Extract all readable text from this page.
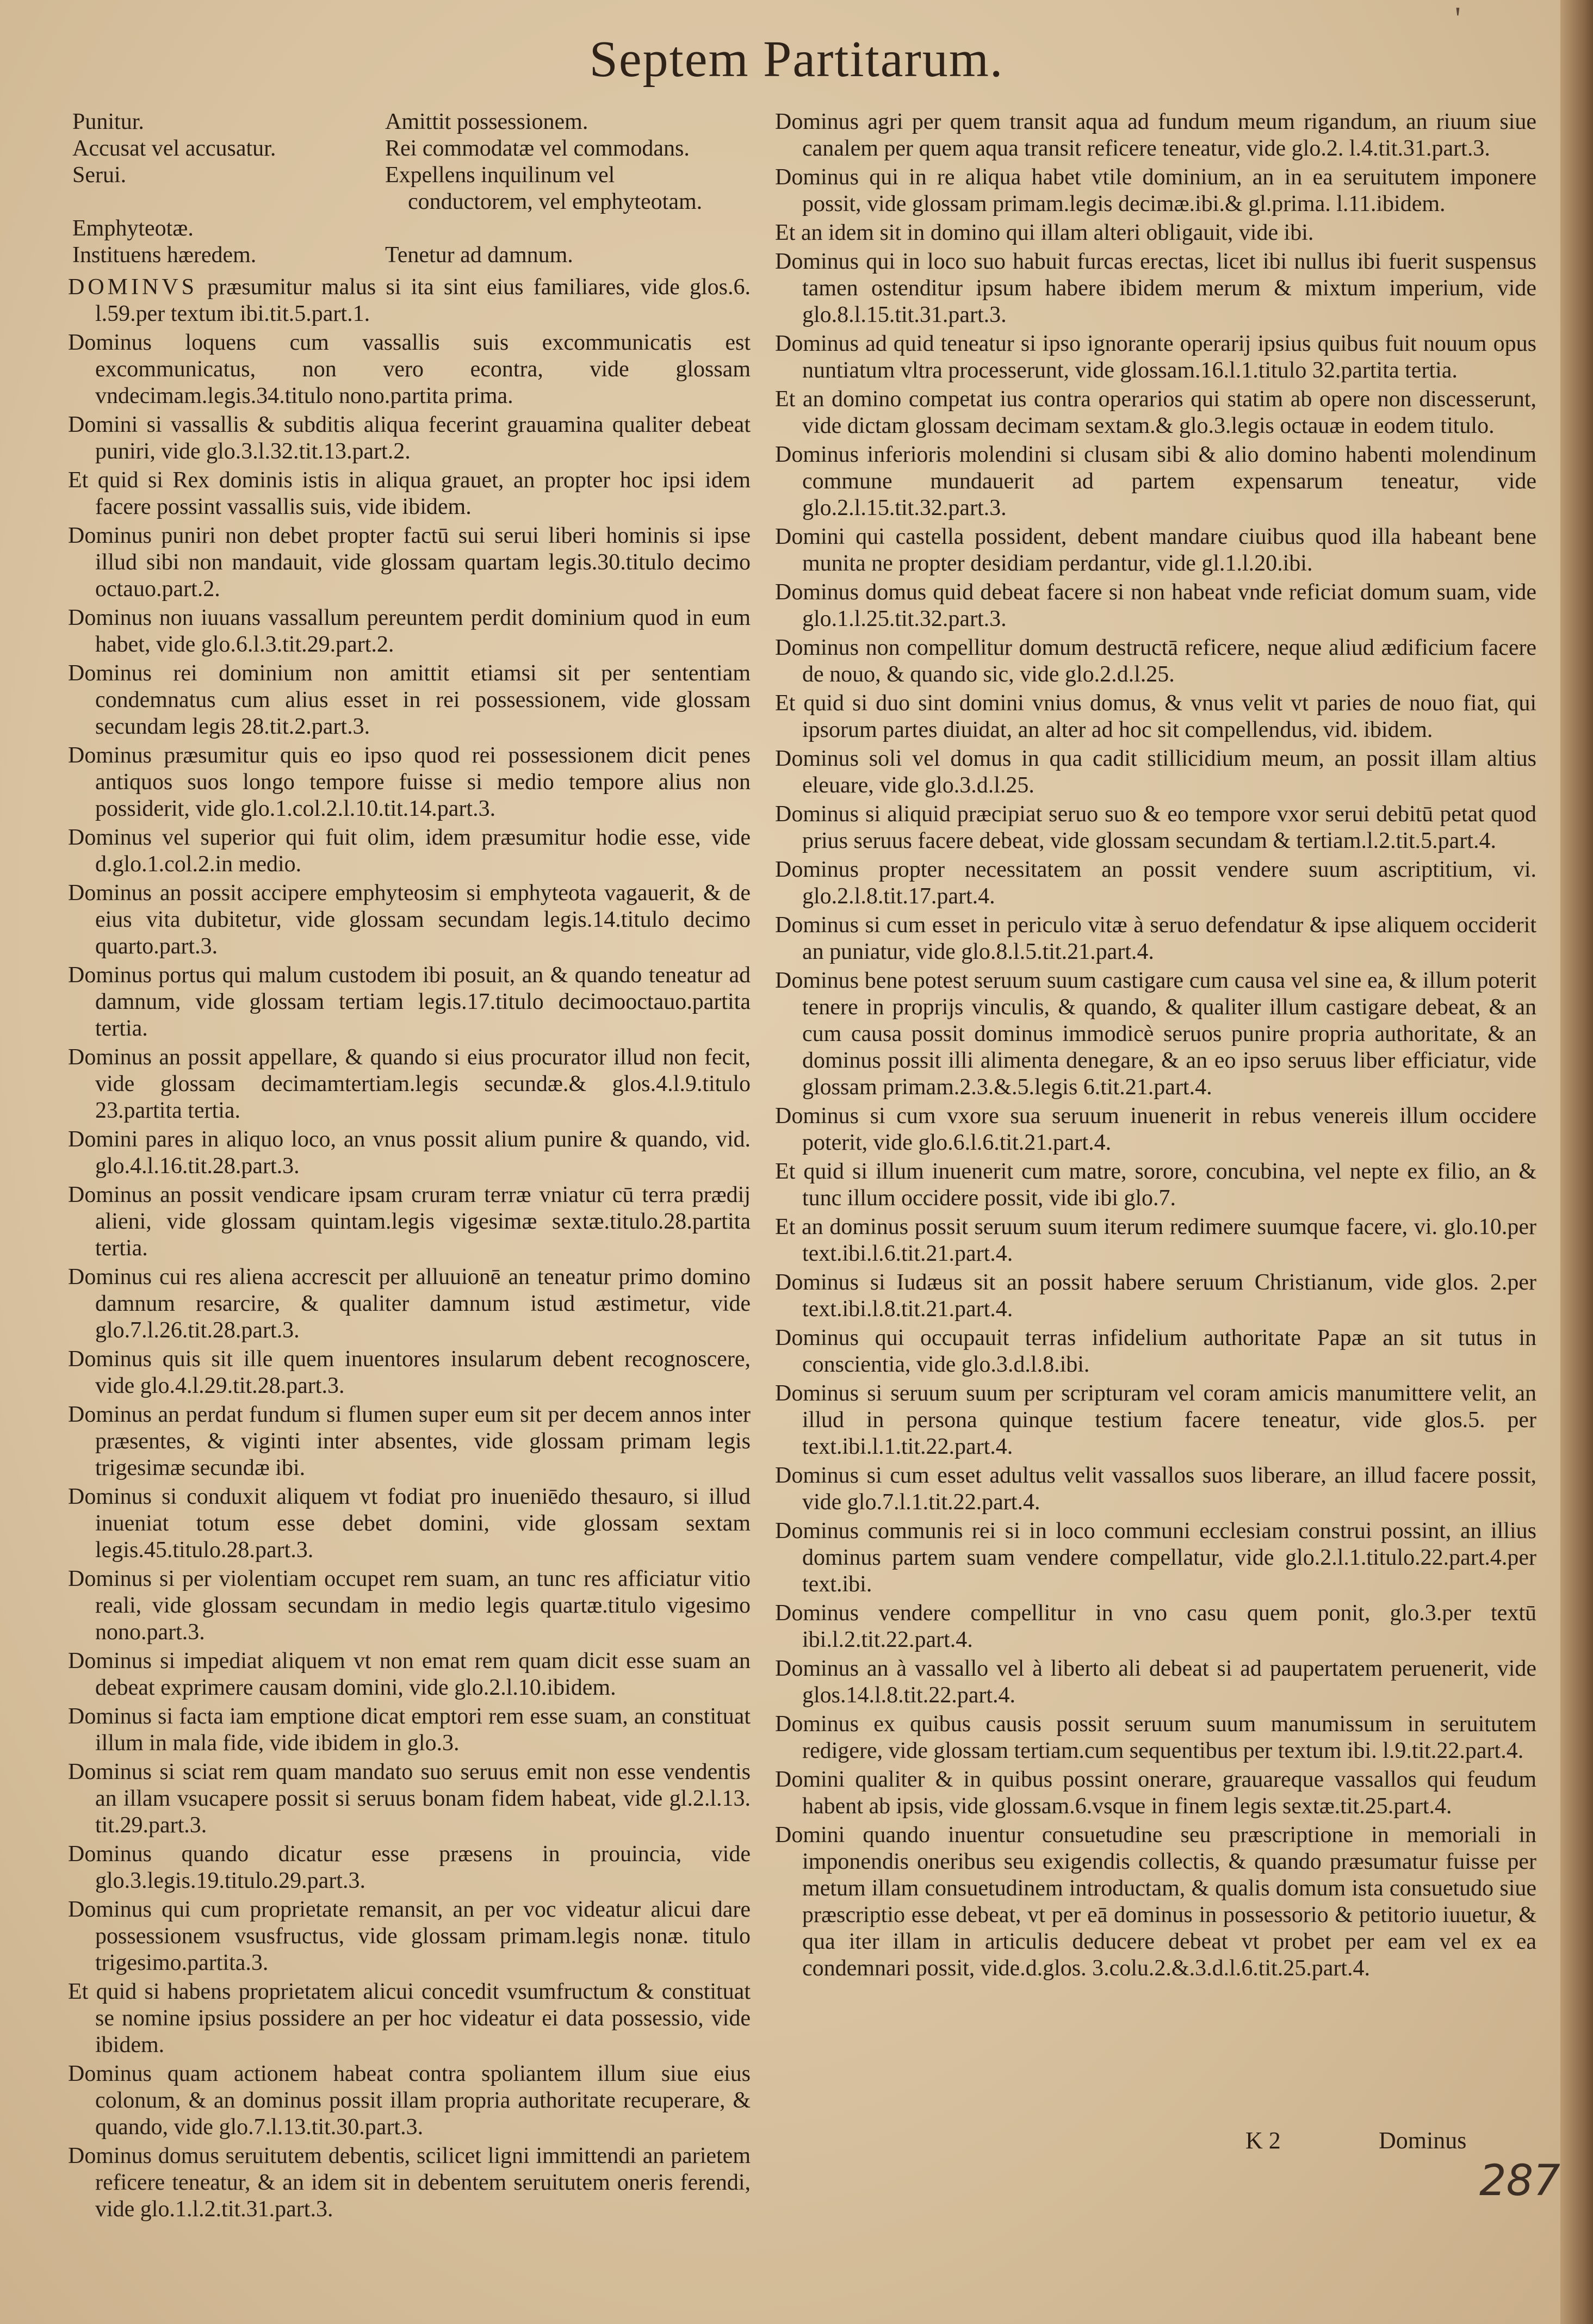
Septem Partitarum.
'
Punitur.	Amittit possessionem.
Accusat vel accusatur.	Rei commodatæ vel commodans.
Serui.	Expellens inquilinum vel conductorem, vel emphyteotam.
Emphyteotæ.
Instituens hæredem.	Tenetur ad damnum.
DOMINVS præsumitur malus si ita sint eius familiares, vide glos.6. l.59.per textum ibi.tit.5.part.1.
Dominus loquens cum vassallis suis excommunicatis est excommunicatus, non vero econtra, vide glossam vndecimam.legis.34.titulo nono.partita prima.
Domini si vassallis & subditis aliqua fecerint grauamina qualiter debeat puniri, vide glo.3.l.32.tit.13.part.2.
Et quid si Rex dominis istis in aliqua grauet, an propter hoc ipsi idem facere possint vassallis suis, vide ibidem.
Dominus puniri non debet propter factū sui serui liberi hominis si ipse illud sibi non mandauit, vide glossam quartam legis.30.titulo decimo octauo.part.2.
Dominus non iuuans vassallum pereuntem perdit dominium quod in eum habet, vide glo.6.l.3.tit.29.part.2.
Dominus rei dominium non amittit etiamsi sit per sententiam condemnatus cum alius esset in rei possessionem, vide glossam secundam legis 28.tit.2.part.3.
Dominus præsumitur quis eo ipso quod rei possessionem dicit penes antiquos suos longo tempore fuisse si medio tempore alius non possiderit, vide glo.1.col.2.l.10.tit.14.part.3.
Dominus vel superior qui fuit olim, idem præsumitur hodie esse, vide d.glo.1.col.2.in medio.
Dominus an possit accipere emphyteosim si emphyteota vagauerit, & de eius vita dubitetur, vide glossam secundam legis.14.titulo decimo quarto.part.3.
Dominus portus qui malum custodem ibi posuit, an & quando teneatur ad damnum, vide glossam tertiam legis.17.titulo decimooctauo.partita tertia.
Dominus an possit appellare, & quando si eius procurator illud non fecit, vide glossam decimamtertiam.legis secundæ.& glos.4.l.9.titulo 23.partita tertia.
Domini pares in aliquo loco, an vnus possit alium punire & quando, vid. glo.4.l.16.tit.28.part.3.
Dominus an possit vendicare ipsam cruram terræ vniatur cū terra prædij alieni, vide glossam quintam.legis vigesimæ sextæ.titulo.28.partita tertia.
Dominus cui res aliena accrescit per alluuionē an teneatur primo domino damnum resarcire, & qualiter damnum istud æstimetur, vide glo.7.l.26.tit.28.part.3.
Dominus quis sit ille quem inuentores insularum debent recognoscere, vide glo.4.l.29.tit.28.part.3.
Dominus an perdat fundum si flumen super eum sit per decem annos inter præsentes, & viginti inter absentes, vide glossam primam legis trigesimæ secundæ ibi.
Dominus si conduxit aliquem vt fodiat pro inueniēdo thesauro, si illud inueniat totum esse debet domini, vide glossam sextam legis.45.titulo.28.part.3.
Dominus si per violentiam occupet rem suam, an tunc res afficiatur vitio reali, vide glossam secundam in medio legis quartæ.titulo vigesimo nono.part.3.
Dominus si impediat aliquem vt non emat rem quam dicit esse suam an debeat exprimere causam domini, vide glo.2.l.10.ibidem.
Dominus si facta iam emptione dicat emptori rem esse suam, an constituat illum in mala fide, vide ibidem in glo.3.
Dominus si sciat rem quam mandato suo seruus emit non esse vendentis an illam vsucapere possit si seruus bonam fidem habeat, vide gl.2.l.13. tit.29.part.3.
Dominus quando dicatur esse præsens in prouincia, vide glo.3.legis.19.titulo.29.part.3.
Dominus qui cum proprietate remansit, an per voc videatur alicui dare possessionem vsusfructus, vide glossam primam.legis nonæ. titulo trigesimo.partita.3.
Et quid si habens proprietatem alicui concedit vsumfructum & constituat se nomine ipsius possidere an per hoc videatur ei data possessio, vide ibidem.
Dominus quam actionem habeat contra spoliantem illum siue eius colonum, & an dominus possit illam propria authoritate recuperare, & quando, vide glo.7.l.13.tit.30.part.3.
Dominus domus seruitutem debentis, scilicet ligni immittendi an parietem reficere teneatur, & an idem sit in debentem seruitutem oneris ferendi, vide glo.1.l.2.tit.31.part.3.
Dominus agri per quem transit aqua ad fundum meum rigandum, an riuum siue canalem per quem aqua transit reficere teneatur, vide glo.2. l.4.tit.31.part.3.
Dominus qui in re aliqua habet vtile dominium, an in ea seruitutem imponere possit, vide glossam primam.legis decimæ.ibi.& gl.prima. l.11.ibidem.
Et an idem sit in domino qui illam alteri obligauit, vide ibi.
Dominus qui in loco suo habuit furcas erectas, licet ibi nullus ibi fuerit suspensus tamen ostenditur ipsum habere ibidem merum & mixtum imperium, vide glo.8.l.15.tit.31.part.3.
Dominus ad quid teneatur si ipso ignorante operarij ipsius quibus fuit nouum opus nuntiatum vltra processerunt, vide glossam.16.l.1.titulo 32.partita tertia.
Et an domino competat ius contra operarios qui statim ab opere non discesserunt, vide dictam glossam decimam sextam.& glo.3.legis octauæ in eodem titulo.
Dominus inferioris molendini si clusam sibi & alio domino habenti molendinum commune mundauerit ad partem expensarum teneatur, vide glo.2.l.15.tit.32.part.3.
Domini qui castella possident, debent mandare ciuibus quod illa habeant bene munita ne propter desidiam perdantur, vide gl.1.l.20.ibi.
Dominus domus quid debeat facere si non habeat vnde reficiat domum suam, vide glo.1.l.25.tit.32.part.3.
Dominus non compellitur domum destructā reficere, neque aliud ædificium facere de nouo, & quando sic, vide glo.2.d.l.25.
Et quid si duo sint domini vnius domus, & vnus velit vt paries de nouo fiat, qui ipsorum partes diuidat, an alter ad hoc sit compellendus, vid. ibidem.
Dominus soli vel domus in qua cadit stillicidium meum, an possit illam altius eleuare, vide glo.3.d.l.25.
Dominus si aliquid præcipiat seruo suo & eo tempore vxor serui debitū petat quod prius seruus facere debeat, vide glossam secundam & tertiam.l.2.tit.5.part.4.
Dominus propter necessitatem an possit vendere suum ascriptitium, vi. glo.2.l.8.tit.17.part.4.
Dominus si cum esset in periculo vitæ à seruo defendatur & ipse aliquem occiderit an puniatur, vide glo.8.l.5.tit.21.part.4.
Dominus bene potest seruum suum castigare cum causa vel sine ea, & illum poterit tenere in proprijs vinculis, & quando, & qualiter illum castigare debeat, & an cum causa possit dominus immodicè seruos punire propria authoritate, & an dominus possit illi alimenta denegare, & an eo ipso seruus liber efficiatur, vide glossam primam.2.3.&.5.legis 6.tit.21.part.4.
Dominus si cum vxore sua seruum inuenerit in rebus venereis illum occidere poterit, vide glo.6.l.6.tit.21.part.4.
Et quid si illum inuenerit cum matre, sorore, concubina, vel nepte ex filio, an & tunc illum occidere possit, vide ibi glo.7.
Et an dominus possit seruum suum iterum redimere suumque facere, vi. glo.10.per text.ibi.l.6.tit.21.part.4.
Dominus si Iudæus sit an possit habere seruum Christianum, vide glos. 2.per text.ibi.l.8.tit.21.part.4.
Dominus qui occupauit terras infidelium authoritate Papæ an sit tutus in conscientia, vide glo.3.d.l.8.ibi.
Dominus si seruum suum per scripturam vel coram amicis manumittere velit, an illud in persona quinque testium facere teneatur, vide glos.5. per text.ibi.l.1.tit.22.part.4.
Dominus si cum esset adultus velit vassallos suos liberare, an illud facere possit, vide glo.7.l.1.tit.22.part.4.
Dominus communis rei si in loco communi ecclesiam construi possint, an illius dominus partem suam vendere compellatur, vide glo.2.l.1.titulo.22.part.4.per text.ibi.
Dominus vendere compellitur in vno casu quem ponit, glo.3.per textū ibi.l.2.tit.22.part.4.
Dominus an à vassallo vel à liberto ali debeat si ad paupertatem peruenerit, vide glos.14.l.8.tit.22.part.4.
Dominus ex quibus causis possit seruum suum manumissum in seruitutem redigere, vide glossam tertiam.cum sequentibus per textum ibi. l.9.tit.22.part.4.
Domini qualiter & in quibus possint onerare, grauareque vassallos qui feudum habent ab ipsis, vide glossam.6.vsque in finem legis sextæ.tit.25.part.4.
Domini quando inuentur consuetudine seu præscriptione in memoriali in imponendis oneribus seu exigendis collectis, & quando præsumatur fuisse per metum illam consuetudinem introductam, & qualis domum ista consuetudo siue præscriptio esse debeat, vt per eā dominus in possessorio & petitorio iuuetur, & qua iter illam in articulis deducere debeat vt probet per eam vel ex ea condemnari possit, vide.d.glos. 3.colu.2.&.3.d.l.6.tit.25.part.4.
K 2	Dominus
287
